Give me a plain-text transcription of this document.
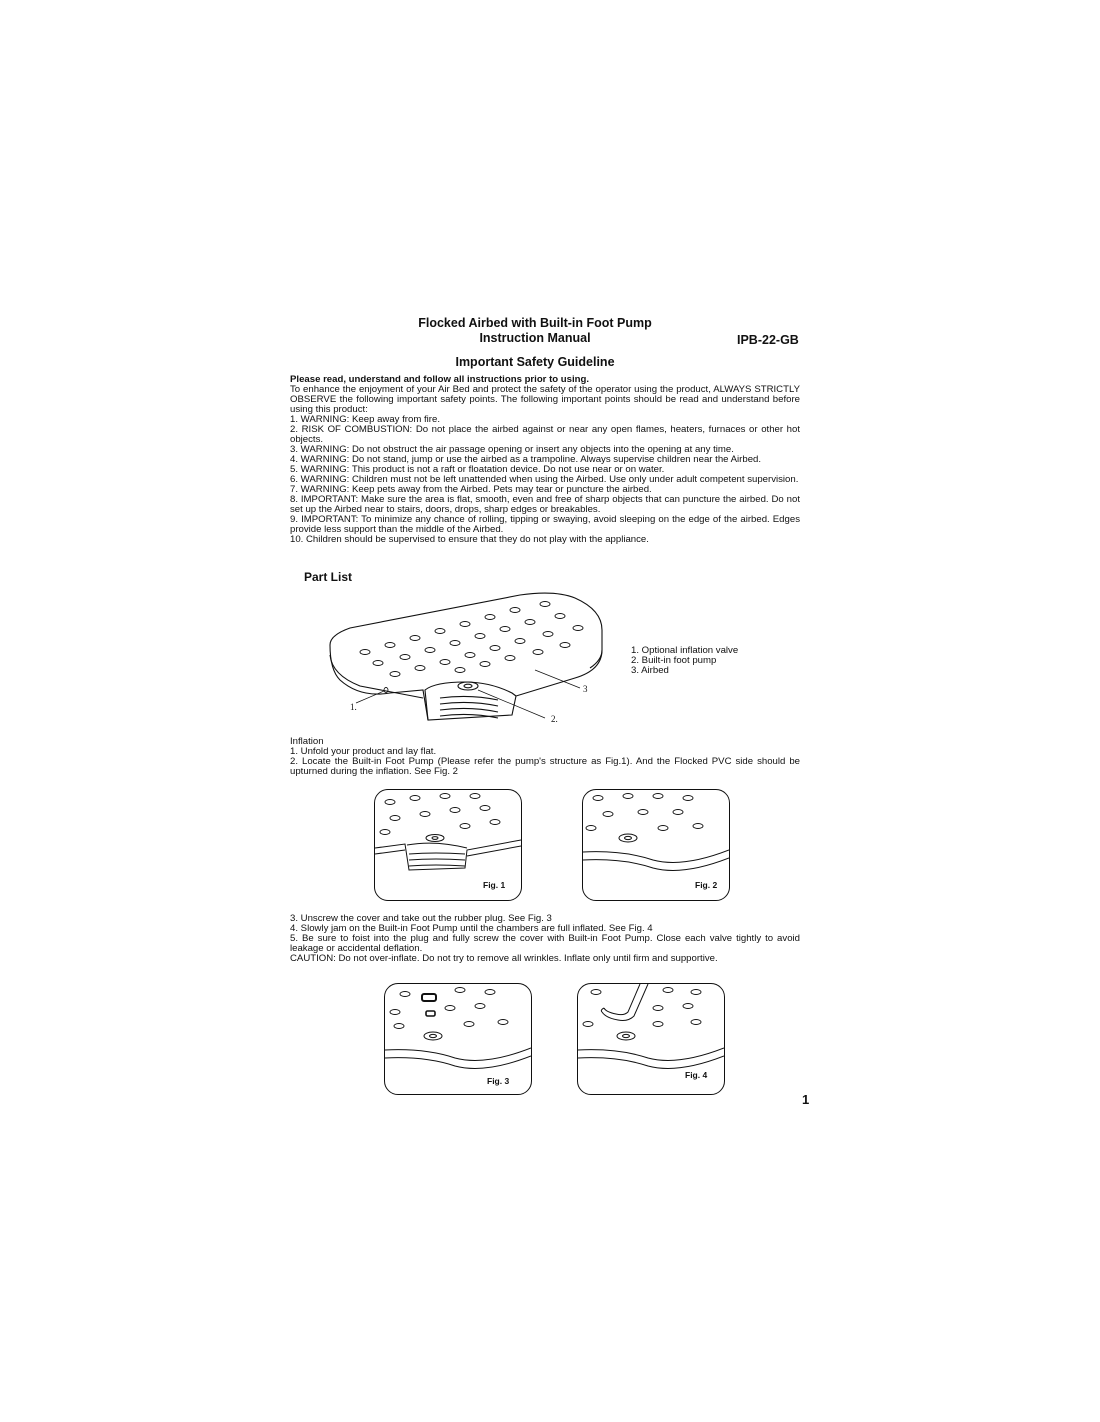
Flocked Airbed with Built-in Foot Pump
Instruction Manual	IPB-22-GB
Important Safety Guideline
Please read, understand and follow all instructions prior to using.
To enhance the enjoyment of your Air Bed and protect the safety of the operator using the product, ALWAYS STRICTLY OBSERVE the following important safety points. The following important points should be read and understand before using this product:
1. WARNING: Keep away from fire.
2. RISK OF COMBUSTION: Do not place the airbed against or near any open flames, heaters, furnaces or other hot objects.
3. WARNING: Do not obstruct the air passage opening or insert any objects into the opening at any time.
4. WARNING: Do not stand, jump or use the airbed as a trampoline. Always supervise children near the Airbed.
5. WARNING: This product is not a raft or floatation device. Do not use near or on water.
6. WARNING: Children must not be left unattended when using the Airbed. Use only under adult competent supervision.
7. WARNING: Keep pets away from the Airbed. Pets may tear or puncture the airbed.
8. IMPORTANT: Make sure the area is flat, smooth, even and free of sharp objects that can puncture the airbed. Do not set up the Airbed near to stairs, doors, drops, sharp edges or breakables.
9. IMPORTANT: To minimize any chance of rolling, tipping or swaying, avoid sleeping on the edge of the airbed. Edges provide less support than the middle of the Airbed.
10. Children should be supervised to ensure that they do not play with the appliance.
Part List
1.
2.
3
1. Optional inflation valve
2. Built-in foot pump
3. Airbed
Inflation
1. Unfold your product and lay flat.
2. Locate the Built-in Foot Pump (Please refer the pump's structure as Fig.1). And the Flocked PVC side should be upturned during the inflation. See Fig. 2
Fig. 1	Fig. 2
3. Unscrew the cover and take out the rubber plug. See Fig. 3
4. Slowly jam on the Built-in Foot Pump until the chambers are full inflated. See Fig. 4
5. Be sure to foist into the plug and fully screw the cover with Built-in Foot Pump. Close each valve tightly to avoid leakage or accidental deflation.
CAUTION: Do not over-inflate. Do not try to remove all wrinkles. Inflate only until firm and supportive.
Fig. 3
Fig. 4
1
